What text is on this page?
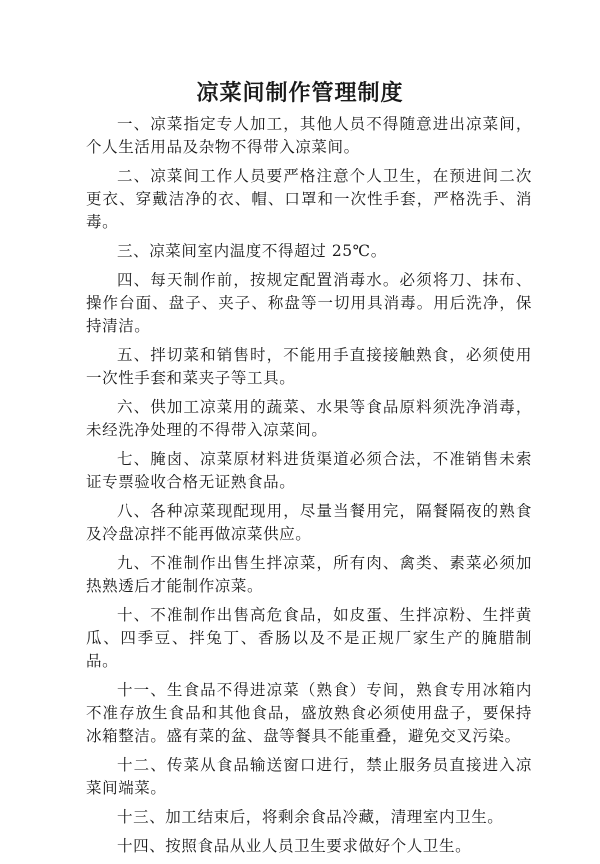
凉菜间制作管理制度

一、凉菜指定专人加工，其他人员不得随意进出凉菜间，个人生活用品及杂物不得带入凉菜间。

二、凉菜间工作人员要严格注意个人卫生，在预进间二次更衣、穿戴洁净的衣、帽、口罩和一次性手套，严格洗手、消毒。

三、凉菜间室内温度不得超过 25℃。

四、每天制作前，按规定配置消毒水。必须将刀、抹布、操作台面、盘子、夹子、称盘等一切用具消毒。用后洗净，保持清洁。

五、拌切菜和销售时，不能用手直接接触熟食，必须使用一次性手套和菜夹子等工具。

六、供加工凉菜用的蔬菜、水果等食品原料须洗净消毒，未经洗净处理的不得带入凉菜间。

七、腌卤、凉菜原材料进货渠道必须合法，不准销售未索证专票验收合格无证熟食品。

八、各种凉菜现配现用，尽量当餐用完，隔餐隔夜的熟食及冷盘凉拌不能再做凉菜供应。

九、不准制作出售生拌凉菜，所有肉、禽类、素菜必须加热熟透后才能制作凉菜。

十、不准制作出售高危食品，如皮蛋、生拌凉粉、生拌黄瓜、四季豆、拌兔丁、香肠以及不是正规厂家生产的腌腊制品。

十一、生食品不得进凉菜（熟食）专间，熟食专用冰箱内不准存放生食品和其他食品，盛放熟食必须使用盘子，要保持冰箱整洁。盛有菜的盆、盘等餐具不能重叠，避免交叉污染。

十二、传菜从食品输送窗口进行，禁止服务员直接进入凉菜间端菜。

十三、加工结束后，将剩余食品冷藏，清理室内卫生。

十四、按照食品从业人员卫生要求做好个人卫生。
